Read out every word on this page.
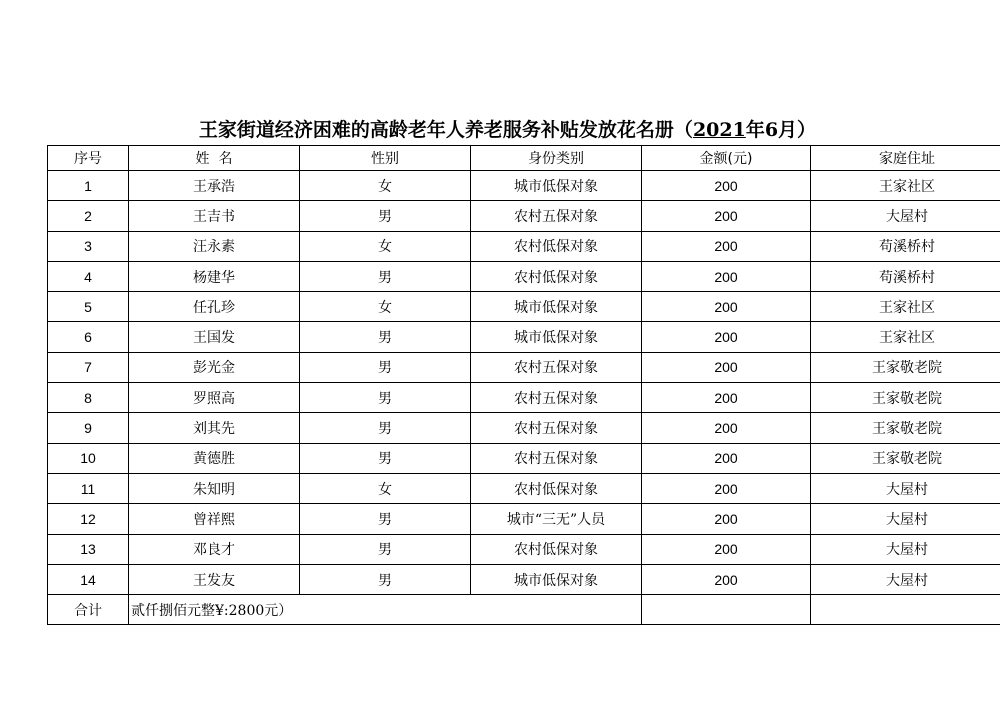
王家街道经济困难的高龄老年人养老服务补贴发放花名册（2021年6月）
序号	姓  名	性别	身份类别	金额(元)	家庭住址
1	王承浩	女	城市低保对象	200	王家社区
2	王吉书	男	农村五保对象	200	大屋村
3	汪永素	女	农村低保对象	200	苟溪桥村
4	杨建华	男	农村低保对象	200	苟溪桥村
5	任孔珍	女	城市低保对象	200	王家社区
6	王国发	男	城市低保对象	200	王家社区
7	彭光金	男	农村五保对象	200	王家敬老院
8	罗照高	男	农村五保对象	200	王家敬老院
9	刘其先	男	农村五保对象	200	王家敬老院
10	黄德胜	男	农村五保对象	200	王家敬老院
11	朱知明	女	农村低保对象	200	大屋村
12	曾祥熙	男	城市“三无”人员	200	大屋村
13	邓良才	男	农村低保对象	200	大屋村
14	王发友	男	城市低保对象	200	大屋村
合计	贰仟捌佰元整¥:2800元）				
